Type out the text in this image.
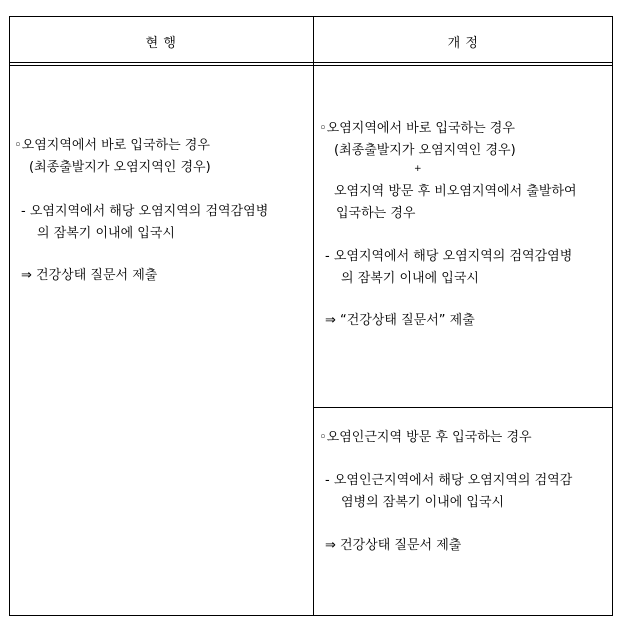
현 행	개 정
◦오염지역에서 바로 입국하는 경우
(최종출발지가 오염지역인 경우)
- 오염지역에서 해당 오염지역의 검역감염병
의 잠복기 이내에 입국시
⇒ 건강상태 질문서 제출
◦오염지역에서 바로 입국하는 경우
(최종출발지가 오염지역인 경우)
+
오염지역 방문 후 비오염지역에서 출발하여
입국하는 경우
- 오염지역에서 해당 오염지역의 검역감염병
의 잠복기 이내에 입국시
⇒ “건강상태 질문서” 제출
◦오염인근지역 방문 후 입국하는 경우
- 오염인근지역에서 해당 오염지역의 검역감
염병의 잠복기 이내에 입국시
⇒ 건강상태 질문서 제출
